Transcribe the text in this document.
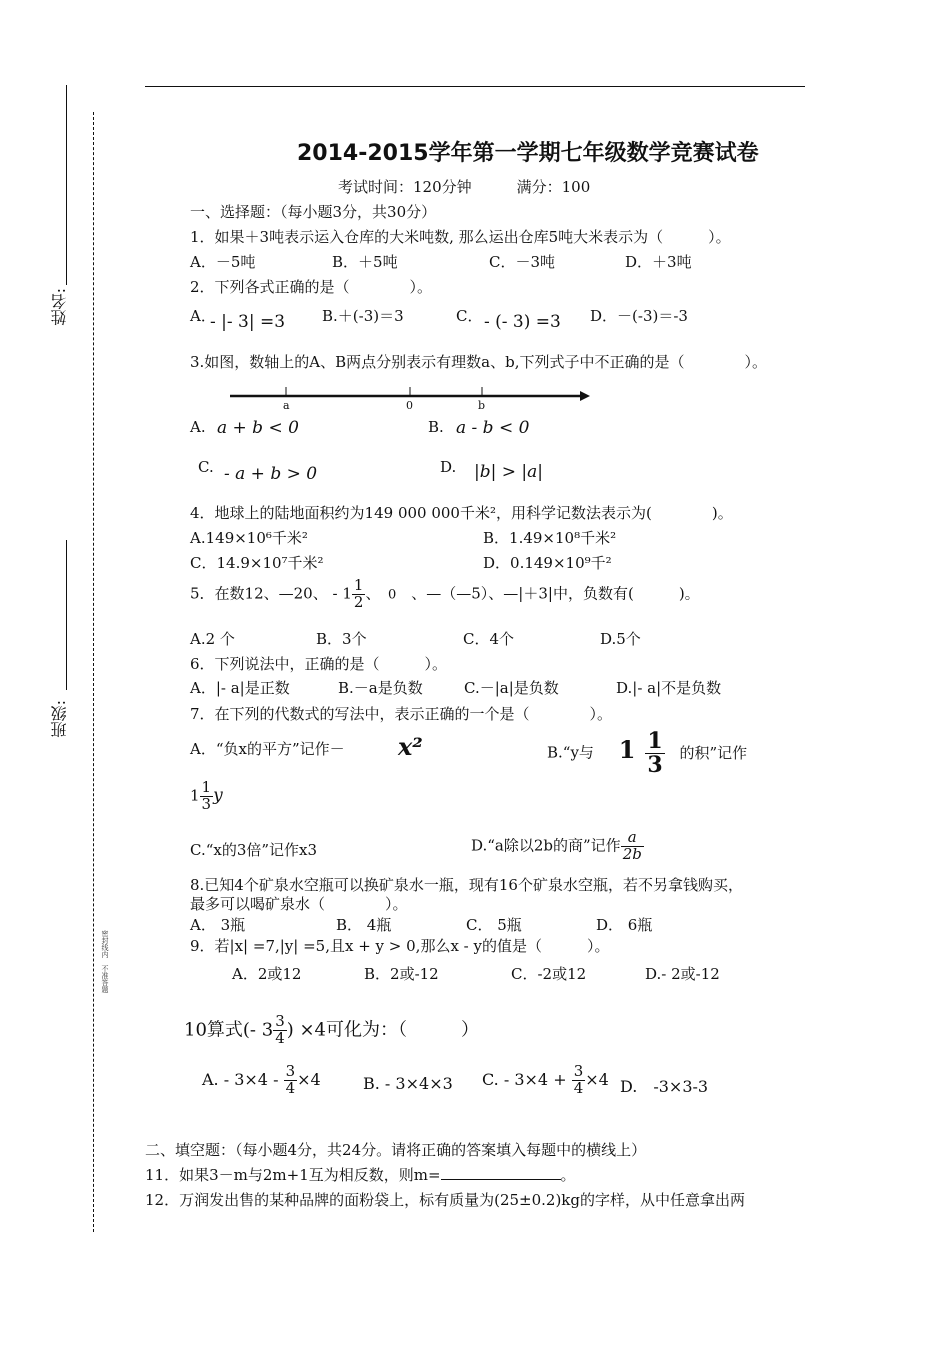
姓名:
班级:
密封线内　不准答题
2014-2015学年第一学期七年级数学竞赛试卷
考试时间：120分钟　　　满分：100
一、选择题：（每小题3分，共30分）
1．如果＋3吨表示运入仓库的大米吨数, 那么运出仓库5吨大米表示为（　　　）。
A．－5吨	B．＋5吨	C．－3吨	D．＋3吨
2．下列各式正确的是（　　　　）。
A．
- |- 3| =3 B.＋(-3)＝3	C． - (- 3) =3 D．－(-3)＝-3
3.如图，数轴上的A、B两点分别表示有理数a、b,下列式子中不正确的是（　　　　）。
a	0	b
A. a + b < 0	B. a - b < 0
C. - a + b > 0	D. |b| > |a|
4．地球上的陆地面积约为149 000 000千米²，用科学记数法表示为(　　　　)。
A.149×10⁶千米²	B．1.49×10⁸千米²
C．14.9×10⁷千米²	D．0.149×10⁹千²
5．在数12、—20、 - $1 \frac{1}{2}$ 、　 0　 、—（—5）、—|＋3|中，负数有(　　　)。
A.2 个	B．3个	C．4个	D.5个
6．下列说法中，正确的是（　　　）。
A．|- a|是正数	B.－a是负数	C.－|a|是负数	D.|- a|不是负数
7．在下列的代数式的写法中，表示正确的一个是（　　　　）。
A．“负x的平方”记作－ x²	B.“y与 $1 \frac{1}{3}$ 的积”记作
$1 \frac{1}{3}$ y
C.“x的3倍”记作x3	D.“a除以2b的商”记作 $\frac{a}{2b}$
8.已知4个矿泉水空瓶可以换矿泉水一瓶，现有16个矿泉水空瓶，若不另拿钱购买，
最多可以喝矿泉水（　　　　）。
A． 3瓶	B． 4瓶	C． 5瓶	D． 6瓶
9．若|x| =7,|y| =5,且x + y > 0,那么x - y的值是（　　　）。
A．2或12	B．2或-12	C．-2或12	D.- 2或-12
10算式(- $3 \frac{3}{4}$ ) ×4可化为：（　　　）
A. - $3\times 4 - \frac{3}{4} \times 4$	B. - 3×4×3 C. - $3\times 4 + \frac{3}{4} \times 4$ D.　-3×3-3
二、填空题：（每小题4分，共24分。请将正确的答案填入每题中的横线上）
11．如果3－m与2m+1互为相反数，则m=	。
12．万润发出售的某种品牌的面粉袋上，标有质量为(25±0.2)kg的字样，从中任意拿出两
